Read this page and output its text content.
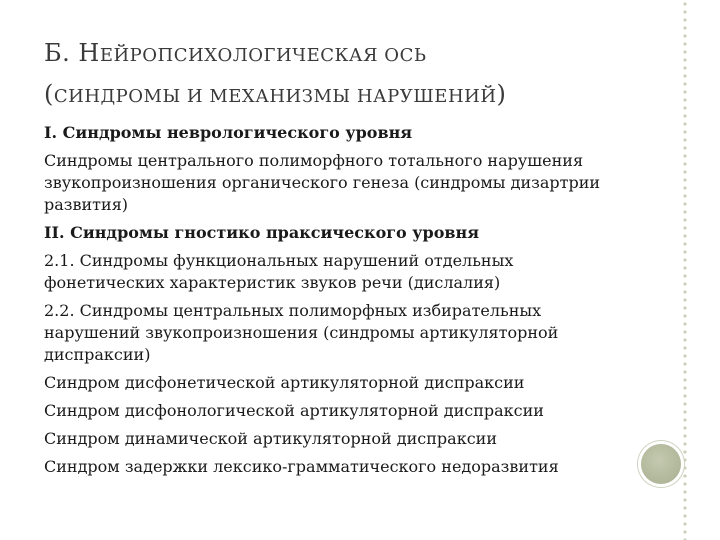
Б. НЕЙРОПСИХОЛОГИЧЕСКАЯ ОСЬ
(СИНДРОМЫ И МЕХАНИЗМЫ НАРУШЕНИЙ)

I. Синдромы неврологического уровня

Синдромы центрального полиморфного тотального нарушения звукопроизношения органического генеза (синдромы дизартрии развития)

II. Синдромы гностико праксического уровня

2.1. Синдромы функциональных нарушений отдельных фонетических характеристик звуков речи (дислалия)

2.2. Синдромы центральных полиморфных избирательных нарушений звукопроизношения (синдромы артикуляторной диспраксии)

Синдром дисфонетической артикуляторной диспраксии

Синдром дисфонологической артикуляторной диспраксии

Синдром динамической артикуляторной диспраксии

Синдром задержки лексико-грамматического недоразвития
